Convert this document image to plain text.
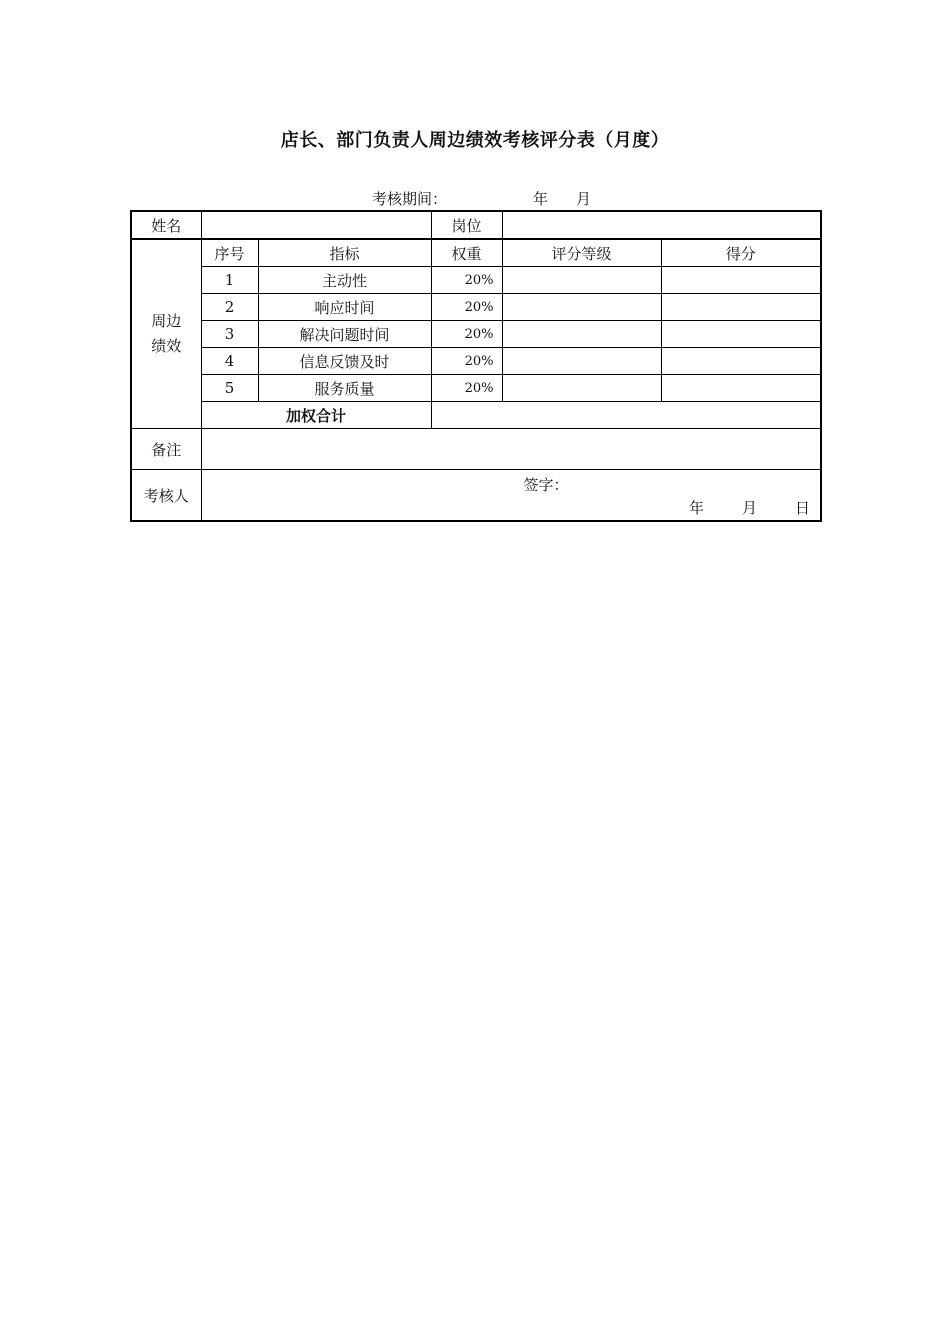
店长、部门负责人周边绩效考核评分表（月度）
考核期间：	年 月
姓名			岗位		
周边
绩效	序号	指标	权重	评分等级	得分
	1	主动性	20%		
	2	响应时间	20%		
	3	解决问题时间	20%		
	4	信息反馈及时	20%		
	5	服务质量	20%		
	加权合计				
备注					
考核人	签字：
年 月 日				
